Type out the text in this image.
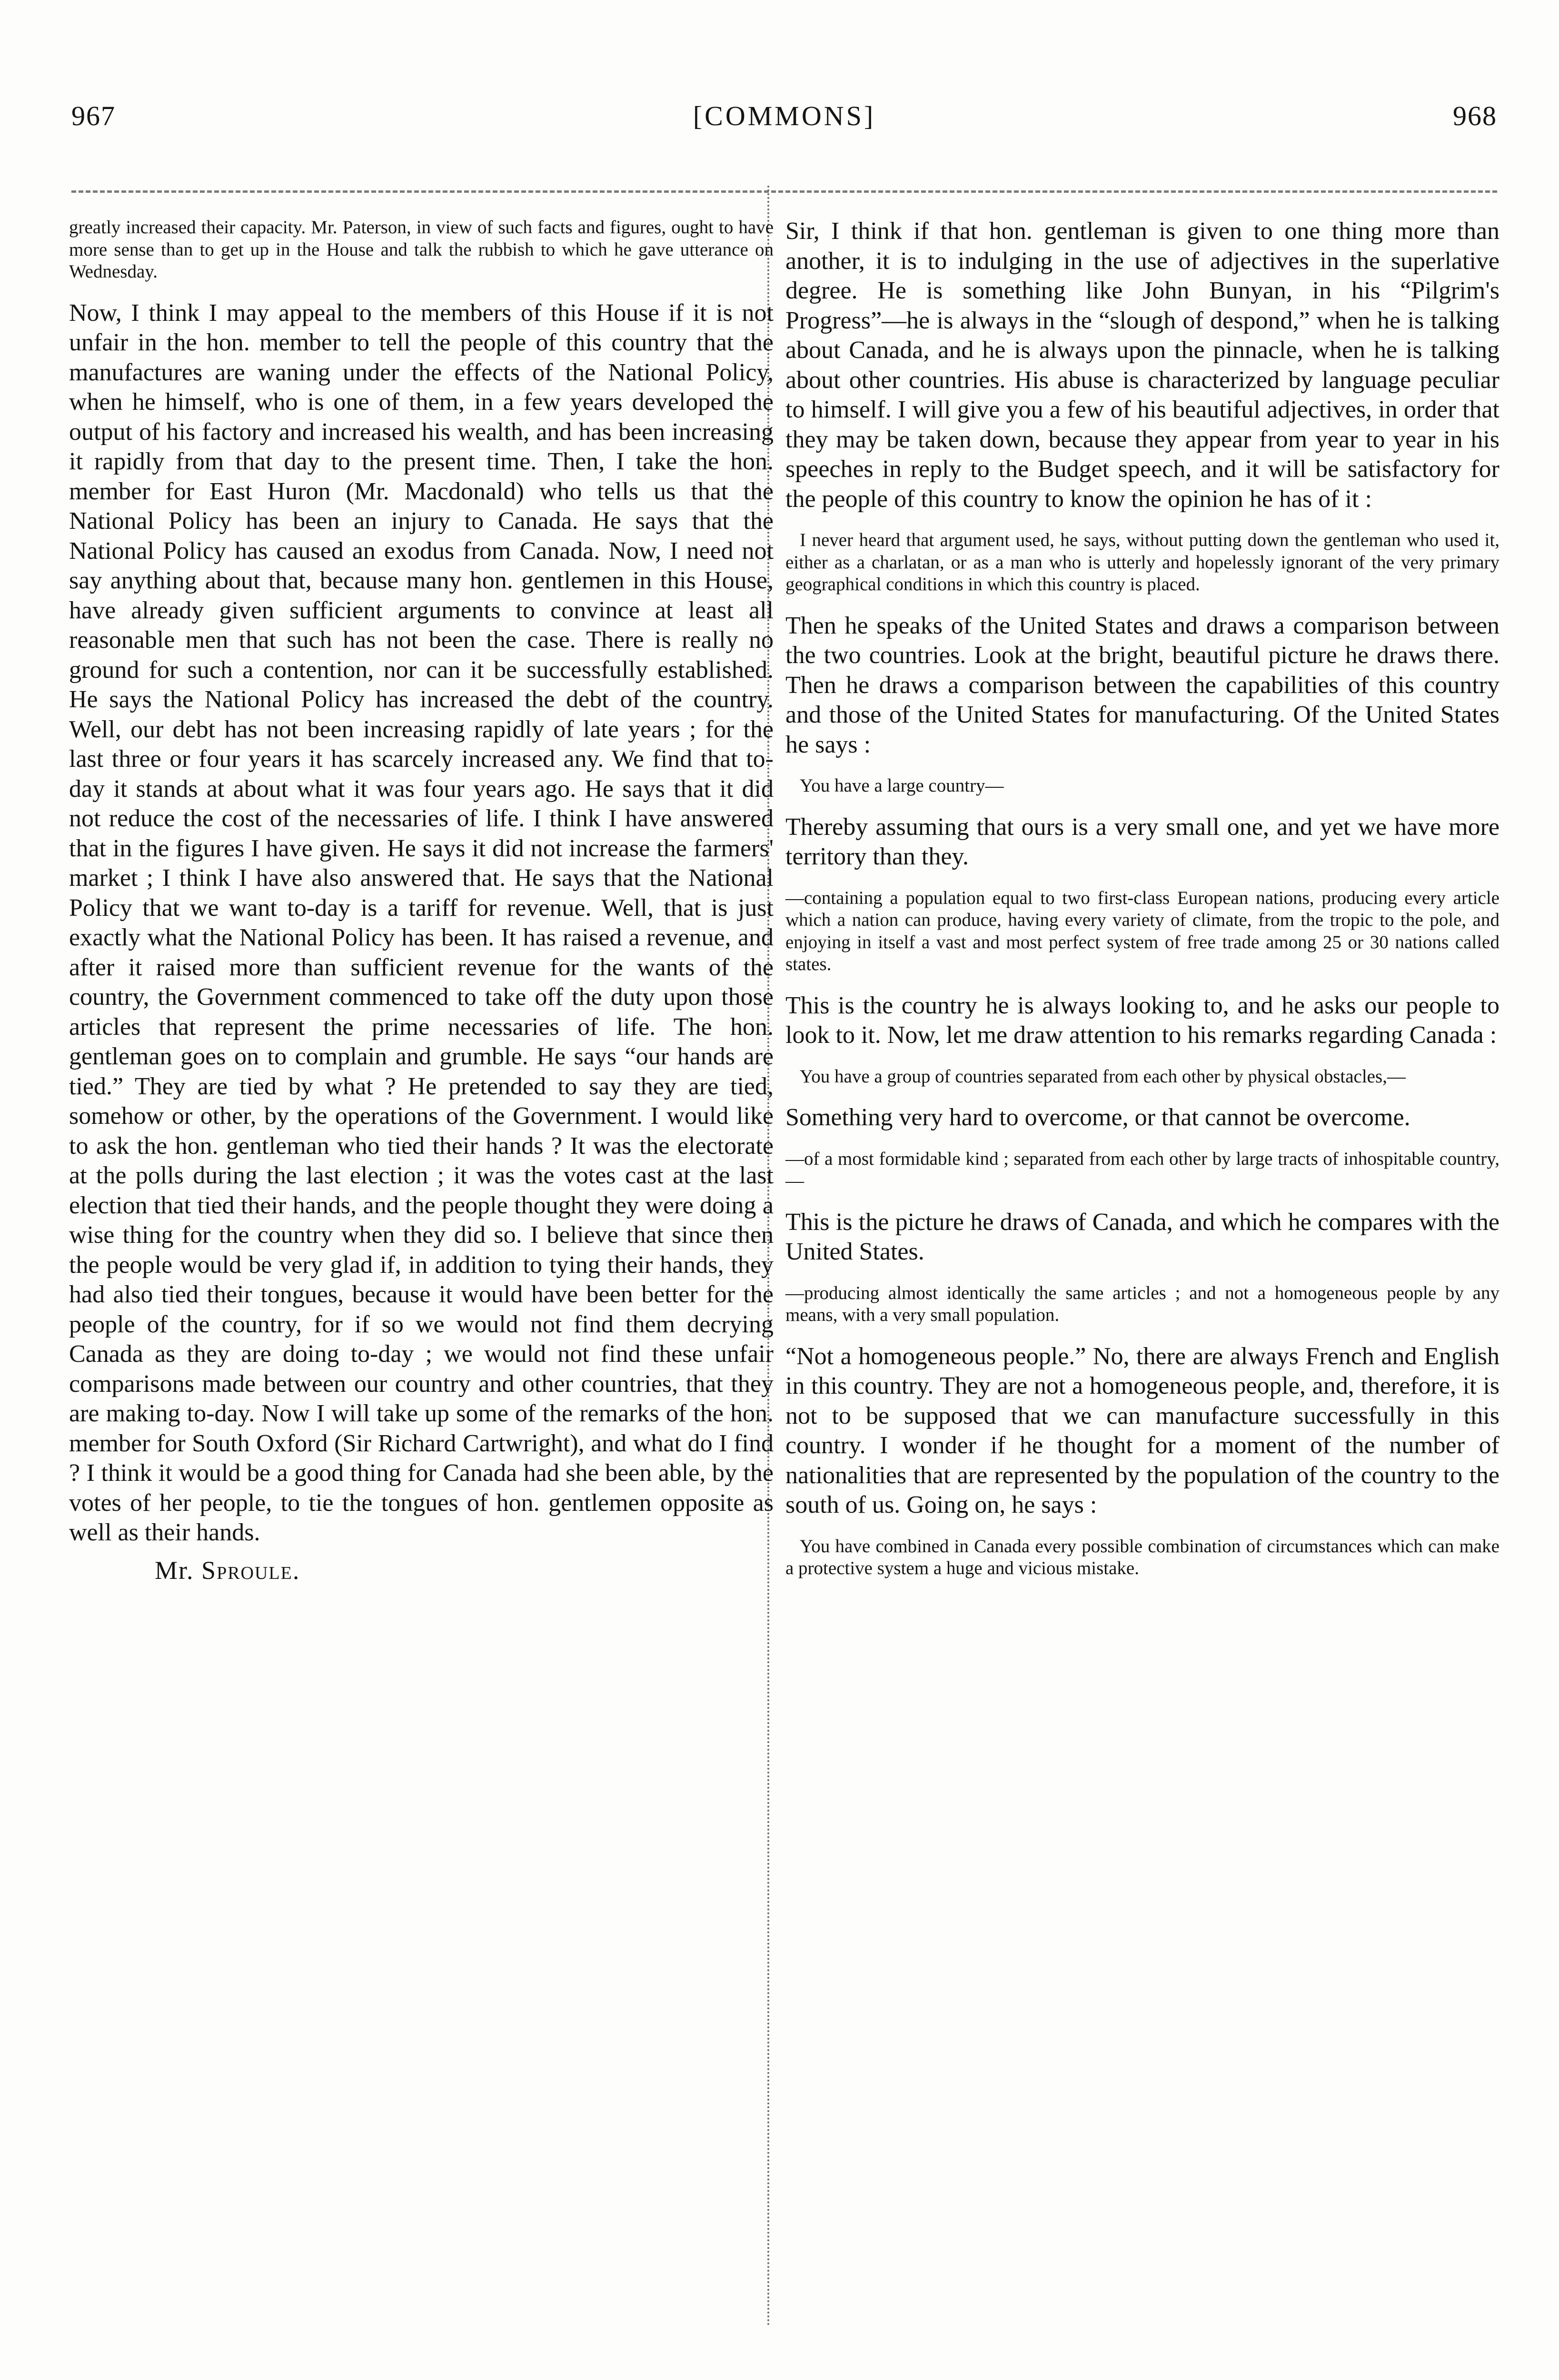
967	[COMMONS]	968

greatly increased their capacity. Mr. Paterson, in view of such facts and figures, ought to have more sense than to get up in the House and talk the rubbish to which he gave utterance on Wednesday.

Now, I think I may appeal to the members of this House if it is not unfair in the hon. member to tell the people of this country that the manufactures are waning under the effects of the National Policy, when he himself, who is one of them, in a few years developed the output of his factory and increased his wealth, and has been increasing it rapidly from that day to the present time. Then, I take the hon. member for East Huron (Mr. Macdonald) who tells us that the National Policy has been an injury to Canada. He says that the National Policy has caused an exodus from Canada. Now, I need not say anything about that, because many hon. gentlemen in this House, have already given sufficient arguments to convince at least all reasonable men that such has not been the case. There is really no ground for such a contention, nor can it be successfully established. He says the National Policy has increased the debt of the country. Well, our debt has not been increasing rapidly of late years ; for the last three or four years it has scarcely increased any. We find that to-day it stands at about what it was four years ago. He says that it did not reduce the cost of the necessaries of life. I think I have answered that in the figures I have given. He says it did not increase the farmers' market ; I think I have also answered that. He says that the National Policy that we want to-day is a tariff for revenue. Well, that is just exactly what the National Policy has been. It has raised a revenue, and after it raised more than sufficient revenue for the wants of the country, the Government commenced to take off the duty upon those articles that represent the prime necessaries of life. The hon. gentleman goes on to complain and grumble. He says “our hands are tied.” They are tied by what ? He pretended to say they are tied, somehow or other, by the operations of the Government. I would like to ask the hon. gentleman who tied their hands ? It was the electorate at the polls during the last election ; it was the votes cast at the last election that tied their hands, and the people thought they were doing a wise thing for the country when they did so. I believe that since then the people would be very glad if, in addition to tying their hands, they had also tied their tongues, because it would have been better for the people of the country, for if so we would not find them decrying Canada as they are doing to-day ; we would not find these unfair comparisons made between our country and other countries, that they are making to-day. Now I will take up some of the remarks of the hon. member for South Oxford (Sir Richard Cartwright), and what do I find ? I think it would be a good thing for Canada had she been able, by the votes of her people, to tie the tongues of hon. gentlemen opposite as well as their hands.

Mr. Sproule.

Sir, I think if that hon. gentleman is given to one thing more than another, it is to indulging in the use of adjectives in the superlative degree. He is something like John Bunyan, in his “Pilgrim's Progress”—he is always in the “slough of despond,” when he is talking about Canada, and he is always upon the pinnacle, when he is talking about other countries. His abuse is characterized by language peculiar to himself. I will give you a few of his beautiful adjectives, in order that they may be taken down, because they appear from year to year in his speeches in reply to the Budget speech, and it will be satisfactory for the people of this country to know the opinion he has of it :

I never heard that argument used, he says, without putting down the gentleman who used it, either as a charlatan, or as a man who is utterly and hopelessly ignorant of the very primary geographical conditions in which this country is placed.

Then he speaks of the United States and draws a comparison between the two countries. Look at the bright, beautiful picture he draws there. Then he draws a comparison between the capabilities of this country and those of the United States for manufacturing. Of the United States he says :

You have a large country—

Thereby assuming that ours is a very small one, and yet we have more territory than they.

—containing a population equal to two first-class European nations, producing every article which a nation can produce, having every variety of climate, from the tropic to the pole, and enjoying in itself a vast and most perfect system of free trade among 25 or 30 nations called states.

This is the country he is always looking to, and he asks our people to look to it. Now, let me draw attention to his remarks regarding Canada :

You have a group of countries separated from each other by physical obstacles,—

Something very hard to overcome, or that cannot be overcome.

—of a most formidable kind ; separated from each other by large tracts of inhospitable country,—

This is the picture he draws of Canada, and which he compares with the United States.

—producing almost identically the same articles ; and not a homogeneous people by any means, with a very small population.

“Not a homogeneous people.” No, there are always French and English in this country. They are not a homogeneous people, and, therefore, it is not to be supposed that we can manufacture successfully in this country. I wonder if he thought for a moment of the number of nationalities that are represented by the population of the country to the south of us. Going on, he says :

You have combined in Canada every possible combination of circumstances which can make a protective system a huge and vicious mistake.
